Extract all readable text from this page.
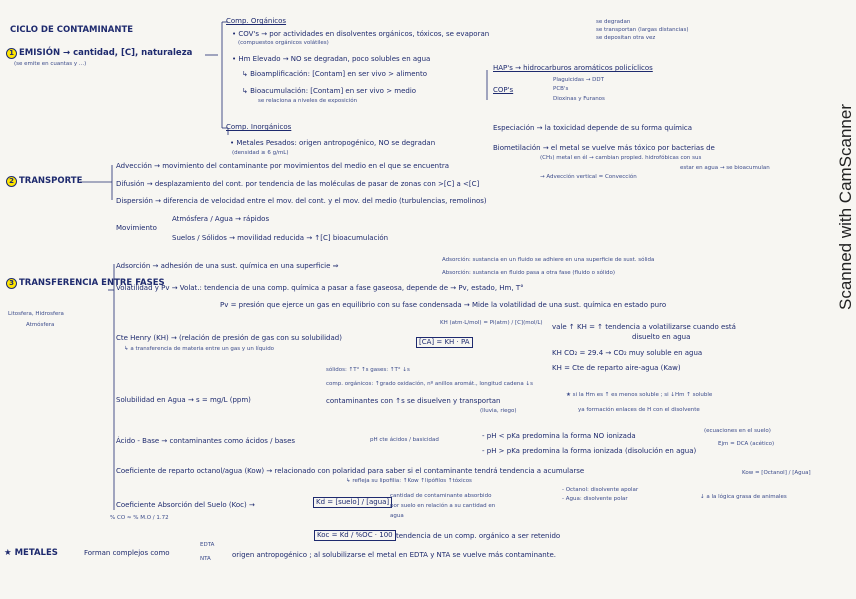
CICLO DE CONTAMINANTE
1 EMISIÓN → cantidad, [C], naturaleza
(se emite en cuantas y ...)
Comp. Orgánicos
• COV's → por actividades en disolventes orgánicos, tóxicos, se evaporan
(compuestos orgánicos volátiles)
se degradan
se transportan (largas distancias)
se depositan otra vez
• Hm Elevado → NO se degradan, poco solubles en agua
↳ Bioamplificación: [Contam] en ser vivo > alimento
↳ Bioacumulación: [Contam] en ser vivo > medio
se relaciona a niveles de exposición
HAP's → hidrocarburos aromáticos policíclicos
COP's
Plaguicidas → DDT
PCB's
Dioxinas y Furanos
Comp. Inorgánicos
• Metales Pesados: origen antropogénico, NO se degradan
(densidad ≥ 6 g/mL)
Especiación → la toxicidad depende de su forma química
Biometilación → el metal se vuelve más tóxico por bacterias de
(CH₃) metal en él → cambian propied. hidrofóbicas con sus
→ Advección vertical = Convección
estar en agua → se bioacumulan
2 TRANSPORTE
Advección → movimiento del contaminante por movimientos del medio en el que se encuentra
Difusión → desplazamiento del cont. por tendencia de las moléculas de pasar de zonas con >[C] a <[C]
Dispersión → diferencia de velocidad entre el mov. del cont. y el mov. del medio (turbulencias, remolinos)
Movimiento
Atmósfera / Agua → rápidos
Suelos / Sólidos → movilidad reducida → ↑[C] bioacumulación
3 TRANSFERENCIA ENTRE FASES
Litosfera, Hidrosfera
Atmósfera
Adsorción → adhesión de una sust. química en una superficie ⇒
Adsorción: sustancia en un fluido se adhiere en una superficie de sust. sólida
Absorción: sustancia en fluido pasa a otra fase (fluido o sólido)
Volatilidad y Pv → Volat.: tendencia de una comp. química a pasar a fase gaseosa, depende de → Pv, estado, Hm, T°
Pv = presión que ejerce un gas en equilibrio con su fase condensada → Mide la volatilidad de una sust. química en estado puro
Cte Henry (KH) → (relación de presión de gas con su solubilidad)
↳ a transferencia de materia entre un gas y un líquido
[CA] = KH · PA
KH (atm·L/mol) = Pi(atm) / [C](mol/L) vale ↑ KH = ↑ tendencia a volatilizarse cuando está
disuelto en agua
KH CO₂ = 29.4 → CO₂ muy soluble en agua
KH = Cte de reparto aire-agua (Kaw)
Solubilidad en Agua → s = mg/L (ppm)
sólidos: ↑T° ↑s gases: ↑T° ↓s
comp. orgánicos: ↑grado oxidación, nº anillos aromát., longitud cadena ↓s
contaminantes con ↑s se disuelven y transportan
(lluvia, riego)
★ si la Hm es ↑ es menos soluble ; si ↓Hm ↑ soluble
ya formación enlaces de H con el disolvente
Ácido - Base → contaminantes como ácidos / bases	pH cte ácidos / basicidad	- pH < pKa predomina la forma NO ionizada
- pH > pKa predomina la forma ionizada (disolución en agua)
(ecuaciones en el suelo)
Ejm = DCA (acético)
Coeficiente de reparto octanol/agua (Kow) → relacionado con polaridad para saber si el contaminante tendrá tendencia a acumularse
↳ refleja su lipofilia: ↑Kow ↑lipófilos ↑tóxicos
Kow = [Octanol] / [Agua]
- Octanol: disolvente apolar
- Agua: disolvente polar	↓ a la lógica grasa de animales
Coeficiente Absorción del Suelo (Koc) →	Kd = [suelo] / [agua]
cantidad de contaminante absorbido
por suelo en relación a su cantidad en
agua
% CO ≈ % M.O / 1.72
Koc = Kd / %OC · 100 tendencia de un comp. orgánico a ser retenido
★ METALES	Forman complejos como
EDTA
NTA	origen antropogénico ; al solubilizarse el metal en EDTA y NTA se vuelve más contaminante.
Scanned with CamScanner
